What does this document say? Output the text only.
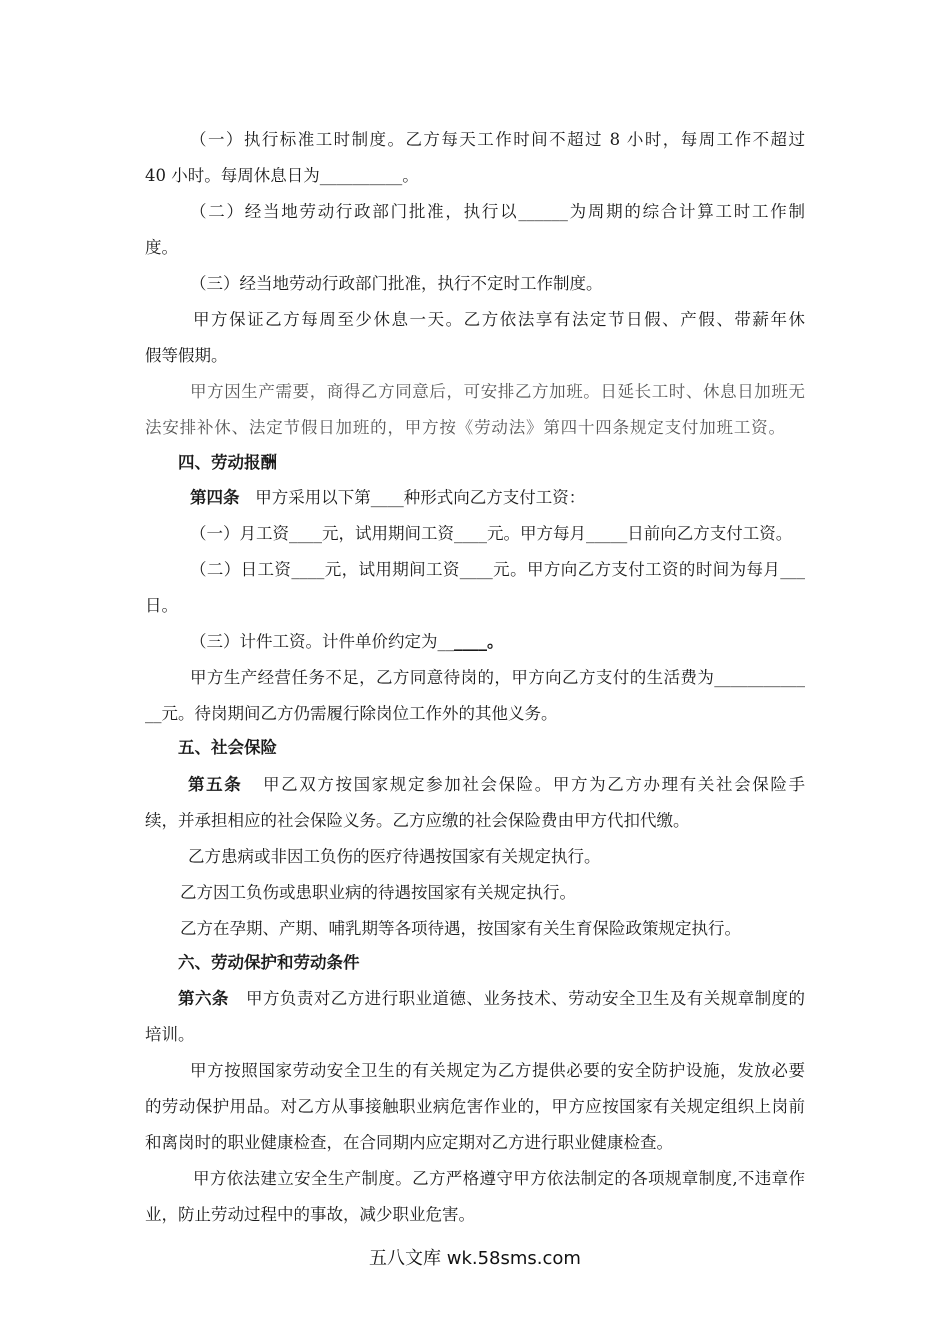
（一）执行标准工时制度。乙方每天工作时间不超过 8 小时，每周工作不超过
40 小时。每周休息日为__________。
（二）经当地劳动行政部门批准，执行以______为周期的综合计算工时工作制
度。
（三）经当地劳动行政部门批准，执行不定时工作制度。
甲方保证乙方每周至少休息一天。乙方依法享有法定节日假、产假、带薪年休
假等假期。
甲方因生产需要，商得乙方同意后，可安排乙方加班。日延长工时、休息日加班无
法安排补休、法定节假日加班的，甲方按《劳动法》第四十四条规定支付加班工资。
四、劳动报酬
第四条 甲方采用以下第____种形式向乙方支付工资：
（一）月工资____元，试用期间工资____元。甲方每月_____日前向乙方支付工资。
（二）日工资____元，试用期间工资____元。甲方向乙方支付工资的时间为每月___
日。
（三）计件工资。计件单价约定为______。
甲方生产经营任务不足，乙方同意待岗的，甲方向乙方支付的生活费为___________
__元。待岗期间乙方仍需履行除岗位工作外的其他义务。
五、社会保险
第五条 甲乙双方按国家规定参加社会保险。甲方为乙方办理有关社会保险手
续，并承担相应的社会保险义务。乙方应缴的社会保险费由甲方代扣代缴。
乙方患病或非因工负伤的医疗待遇按国家有关规定执行。
乙方因工负伤或患职业病的待遇按国家有关规定执行。
乙方在孕期、产期、哺乳期等各项待遇，按国家有关生育保险政策规定执行。
六、劳动保护和劳动条件
第六条 甲方负责对乙方进行职业道德、业务技术、劳动安全卫生及有关规章制度的
培训。
甲方按照国家劳动安全卫生的有关规定为乙方提供必要的安全防护设施，发放必要
的劳动保护用品。对乙方从事接触职业病危害作业的，甲方应按国家有关规定组织上岗前
和离岗时的职业健康检查，在合同期内应定期对乙方进行职业健康检查。
甲方依法建立安全生产制度。乙方严格遵守甲方依法制定的各项规章制度,不违章作
业，防止劳动过程中的事故，减少职业危害。
五八文库 wk.58sms.com
